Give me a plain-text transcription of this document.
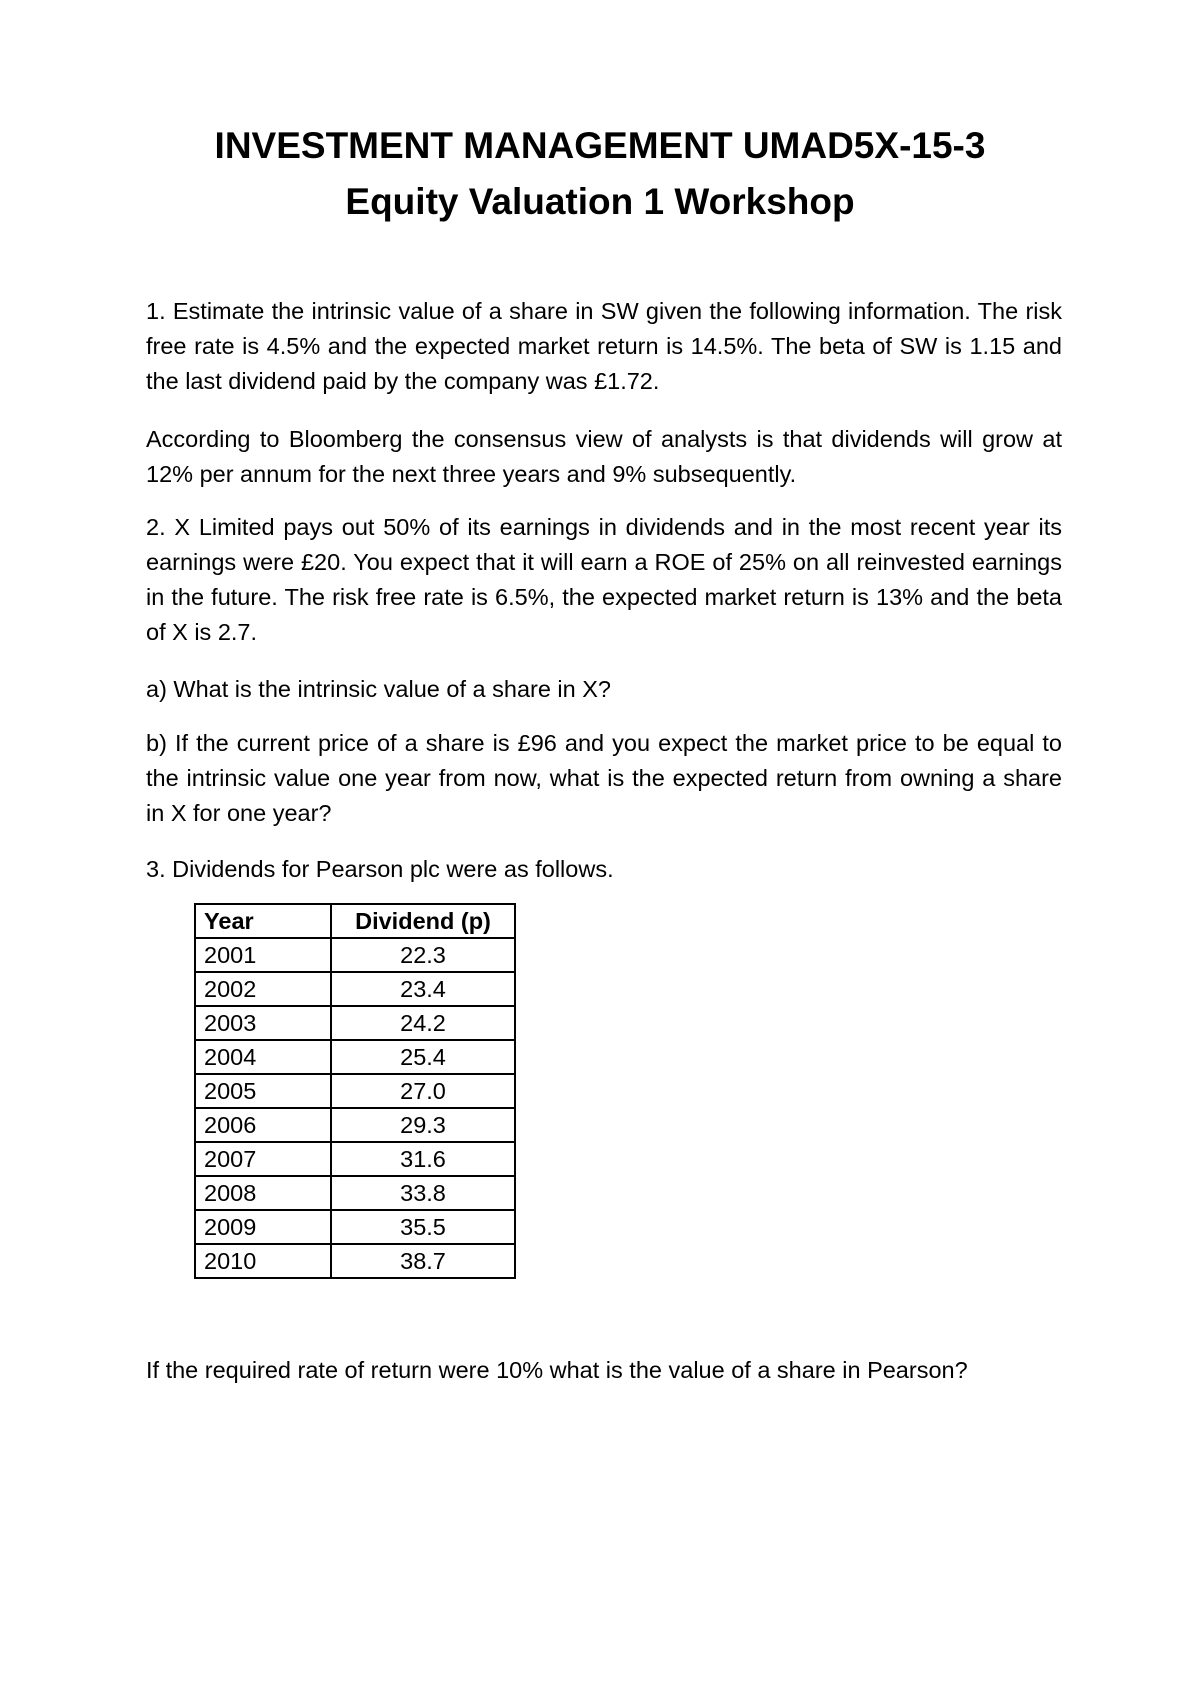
INVESTMENT MANAGEMENT UMAD5X-15-3

Equity Valuation 1 Workshop

1. Estimate the intrinsic value of a share in SW given the following information. The risk free rate is 4.5% and the expected market return is 14.5%. The beta of SW is 1.15 and the last dividend paid by the company was £1.72.

According to Bloomberg the consensus view of analysts is that dividends will grow at 12% per annum for the next three years and 9% subsequently.

2. X Limited pays out 50% of its earnings in dividends and in the most recent year its earnings were £20. You expect that it will earn a ROE of 25% on all reinvested earnings in the future. The risk free rate is 6.5%, the expected market return is 13% and the beta of X is 2.7.

a) What is the intrinsic value of a share in X?

b) If the current price of a share is £96 and you expect the market price to be equal to the intrinsic value one year from now, what is the expected return from owning a share in X for one year?

3. Dividends for Pearson plc were as follows.

Year	Dividend (p)
2001	22.3
2002	23.4
2003	24.2
2004	25.4
2005	27.0
2006	29.3
2007	31.6
2008	33.8
2009	35.5
2010	38.7

If the required rate of return were 10% what is the value of a share in Pearson?
